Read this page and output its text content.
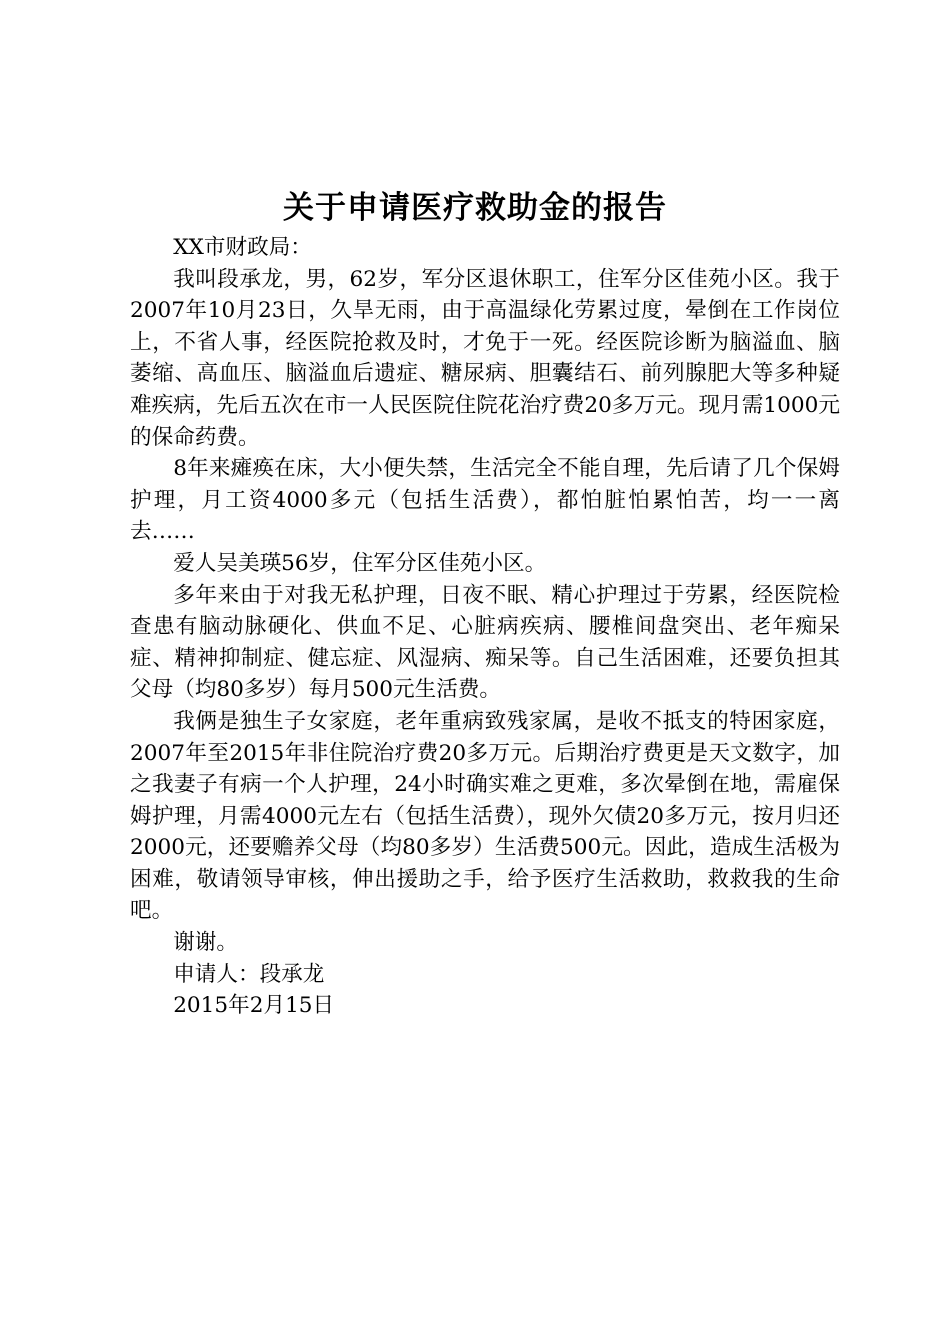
关于申请医疗救助金的报告

XX市财政局：

我叫段承龙，男，62岁，军分区退休职工，住军分区佳苑小区。我于2007年10月23日，久旱无雨，由于高温绿化劳累过度，晕倒在工作岗位上，不省人事，经医院抢救及时，才免于一死。经医院诊断为脑溢血、脑萎缩、高血压、脑溢血后遗症、糖尿病、胆囊结石、前列腺肥大等多种疑难疾病，先后五次在市一人民医院住院花治疗费20多万元。现月需1000元的保命药费。

8年来瘫痪在床，大小便失禁，生活完全不能自理，先后请了几个保姆护理，月工资4000多元（包括生活费），都怕脏怕累怕苦，均一一离去……

爱人吴美瑛56岁，住军分区佳苑小区。

多年来由于对我无私护理，日夜不眠、精心护理过于劳累，经医院检查患有脑动脉硬化、供血不足、心脏病疾病、腰椎间盘突出、老年痴呆症、精神抑制症、健忘症、风湿病、痴呆等。自己生活困难，还要负担其父母（均80多岁）每月500元生活费。

我俩是独生子女家庭，老年重病致残家属，是收不抵支的特困家庭，2007年至2015年非住院治疗费20多万元。后期治疗费更是天文数字，加之我妻子有病一个人护理，24小时确实难之更难，多次晕倒在地，需雇保姆护理，月需4000元左右（包括生活费），现外欠债20多万元，按月归还2000元，还要赡养父母（均80多岁）生活费500元。因此，造成生活极为困难，敬请领导审核，伸出援助之手，给予医疗生活救助，救救我的生命吧。

谢谢。

申请人：段承龙

2015年2月15日
